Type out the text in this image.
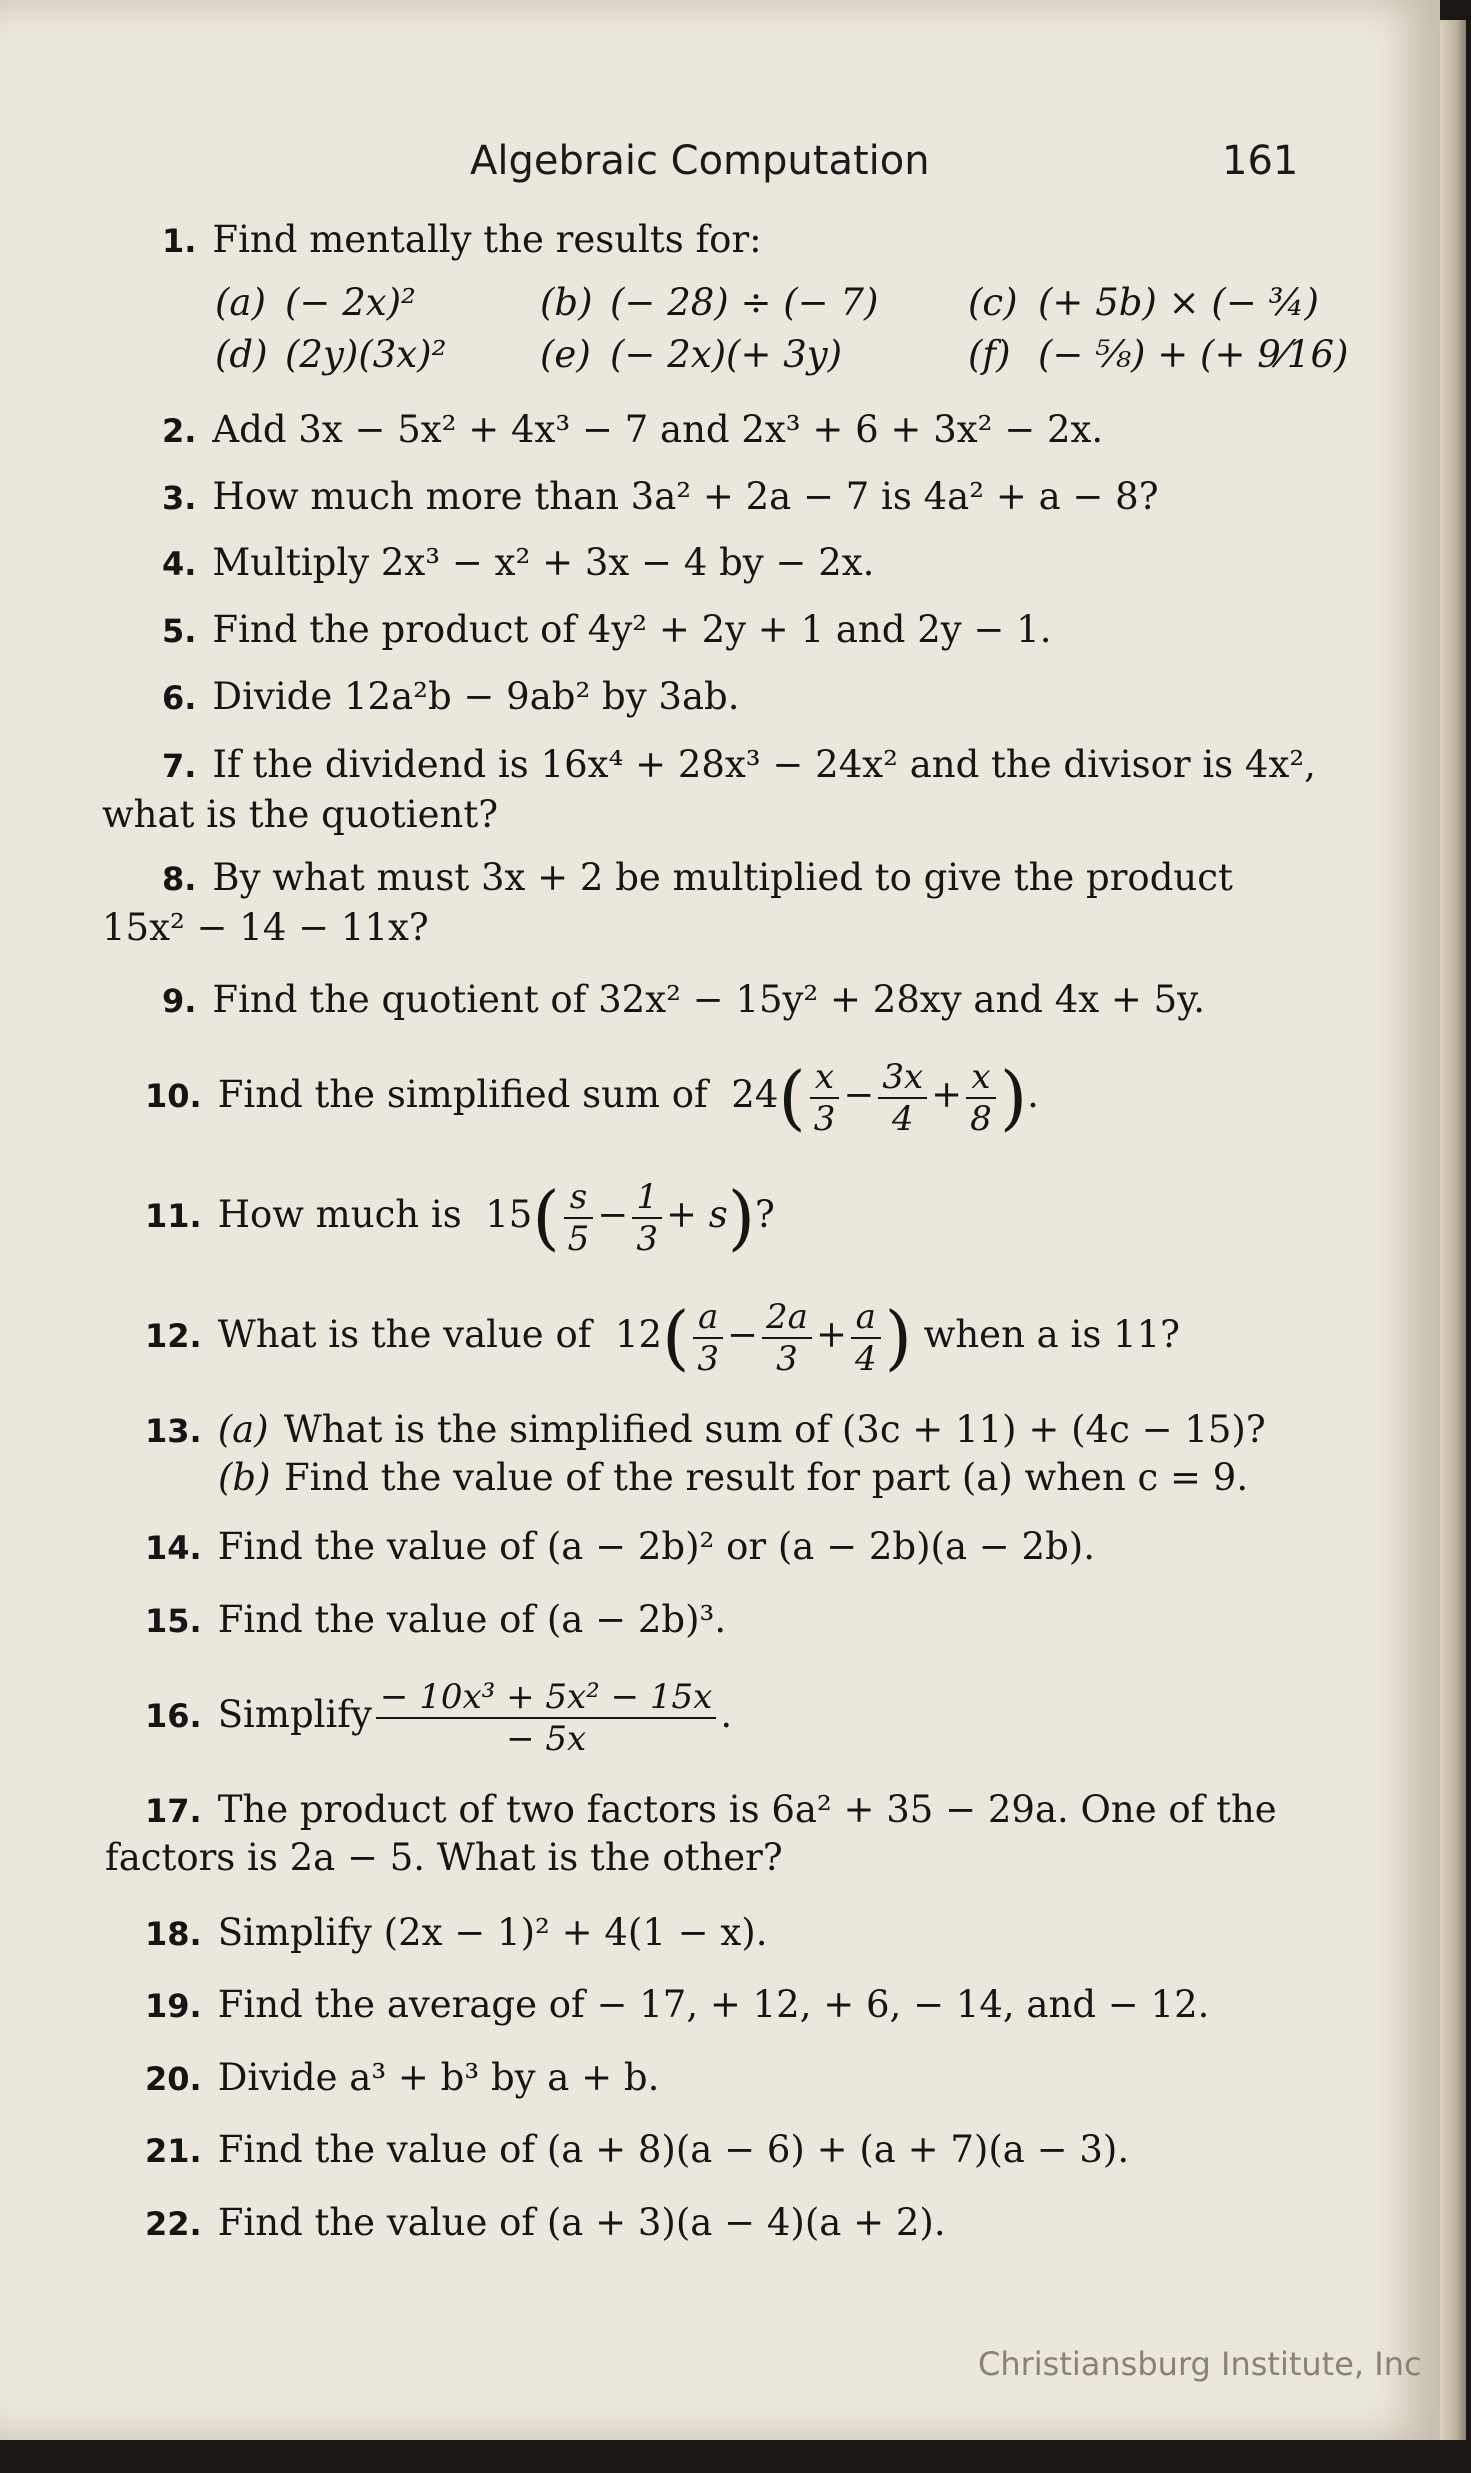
Algebraic Computation	161
1. Find mentally the results for:
(a) (− 2x)²	(b) (− 28) ÷ (− 7) (c) (+ 5b) × (− ¾)
(d) (2y)(3x)²	(e) (− 2x)(+ 3y)	(f) (− ⅝) + (+ 9⁄16)
2. Add 3x − 5x² + 4x³ − 7 and 2x³ + 6 + 3x² − 2x.
3. How much more than 3a² + 2a − 7 is 4a² + a − 8?
4. Multiply 2x³ − x² + 3x − 4 by − 2x.
5. Find the product of 4y² + 2y + 1 and 2y − 1.
6. Divide 12a²b − 9ab² by 3ab.
7. If the dividend is 16x⁴ + 28x³ − 24x² and the divisor is 4x²,
what is the quotient?
8. By what must 3x + 2 be multiplied to give the product
15x² − 14 − 11x?
9. Find the quotient of 32x² − 15y² + 28xy and 4x + 5y.
10. Find the simplified sum of $24( \frac{x}{3} - \frac{3x}{4} + \frac{x}{8}$ ).
11. How much is $15( \frac{s}{5} - \frac{1}{3} + s)$?
12. What is the value of $12( \frac{a}{3} - \frac{2a}{3} + \frac{a}{4}$ ) when a is 11?
13. (a) What is the simplified sum of (3c + 11) + (4c − 15)?
(b) Find the value of the result for part (a) when c = 9.
14. Find the value of (a − 2b)² or (a − 2b)(a − 2b).
15. Find the value of (a − 2b)³.
16. Simplify $\frac{\text{− 10x³ + 5x² − 15x}}{- 5x}$ .
17. The product of two factors is 6a² + 35 − 29a. One of the
factors is 2a − 5. What is the other?
18. Simplify (2x − 1)² + 4(1 − x).
19. Find the average of − 17, + 12, + 6, − 14, and − 12.
20. Divide a³ + b³ by a + b.
21. Find the value of (a + 8)(a − 6) + (a + 7)(a − 3).
22. Find the value of (a + 3)(a − 4)(a + 2).
Christiansburg Institute, Inc
